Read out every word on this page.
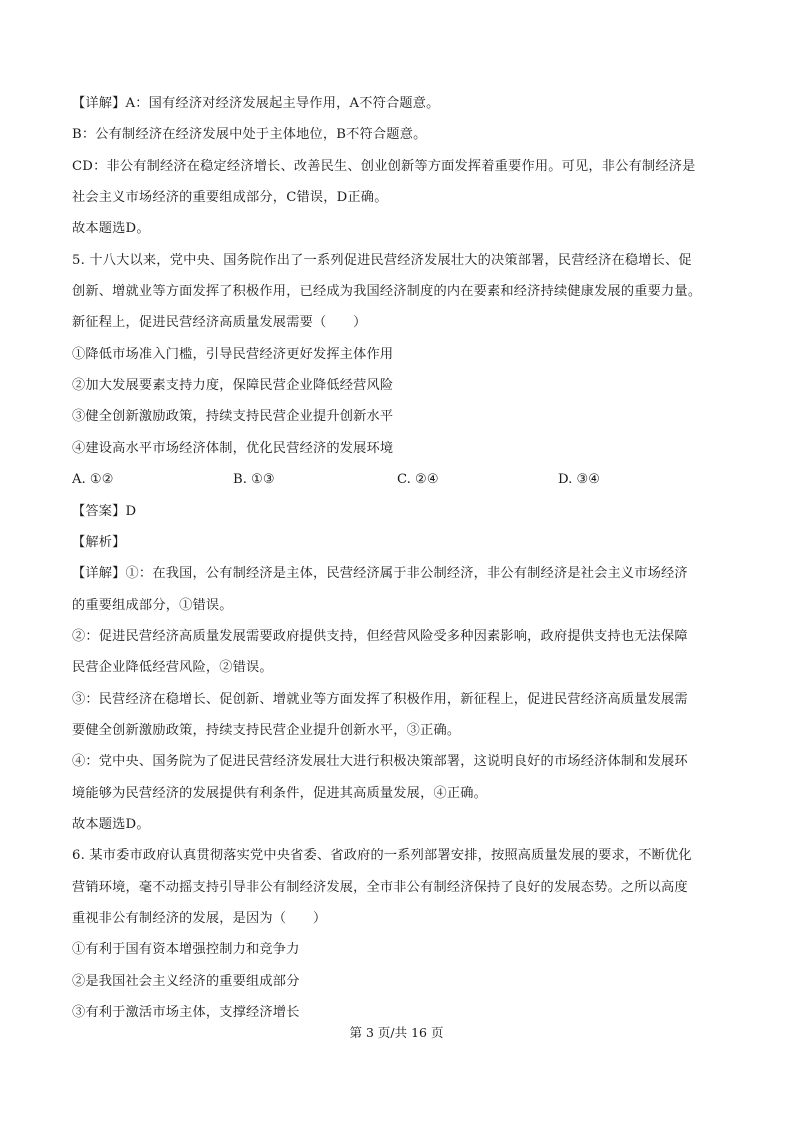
【详解】A：国有经济对经济发展起主导作用，A不符合题意。
B：公有制经济在经济发展中处于主体地位，B不符合题意。
CD：非公有制经济在稳定经济增长、改善民生、创业创新等方面发挥着重要作用。可见，非公有制经济是
社会主义市场经济的重要组成部分，C错误，D正确。
故本题选D。
5. 十八大以来，党中央、国务院作出了一系列促进民营经济发展壮大的决策部署，民营经济在稳增长、促
创新、增就业等方面发挥了积极作用，已经成为我国经济制度的内在要素和经济持续健康发展的重要力量。
新征程上，促进民营经济高质量发展需要（　　）
①降低市场准入门槛，引导民营经济更好发挥主体作用
②加大发展要素支持力度，保障民营企业降低经营风险
③健全创新激励政策，持续支持民营企业提升创新水平
④建设高水平市场经济体制，优化民营经济的发展环境
A. ①②	B. ①③	C. ②④	D. ③④
【答案】D
【解析】
【详解】①：在我国，公有制经济是主体，民营经济属于非公制经济，非公有制经济是社会主义市场经济
的重要组成部分，①错误。
②：促进民营经济高质量发展需要政府提供支持，但经营风险受多种因素影响，政府提供支持也无法保障
民营企业降低经营风险，②错误。
③：民营经济在稳增长、促创新、增就业等方面发挥了积极作用，新征程上，促进民营经济高质量发展需
要健全创新激励政策，持续支持民营企业提升创新水平，③正确。
④：党中央、国务院为了促进民营经济发展壮大进行积极决策部署，这说明良好的市场经济体制和发展环
境能够为民营经济的发展提供有利条件，促进其高质量发展，④正确。
故本题选D。
6. 某市委市政府认真贯彻落实党中央省委、省政府的一系列部署安排，按照高质量发展的要求，不断优化
营销环境，毫不动摇支持引导非公有制经济发展，全市非公有制经济保持了良好的发展态势。之所以高度
重视非公有制经济的发展，是因为（　　）
①有利于国有资本增强控制力和竞争力
②是我国社会主义经济的重要组成部分
③有利于激活市场主体，支撑经济增长
第 3 页/共 16 页
